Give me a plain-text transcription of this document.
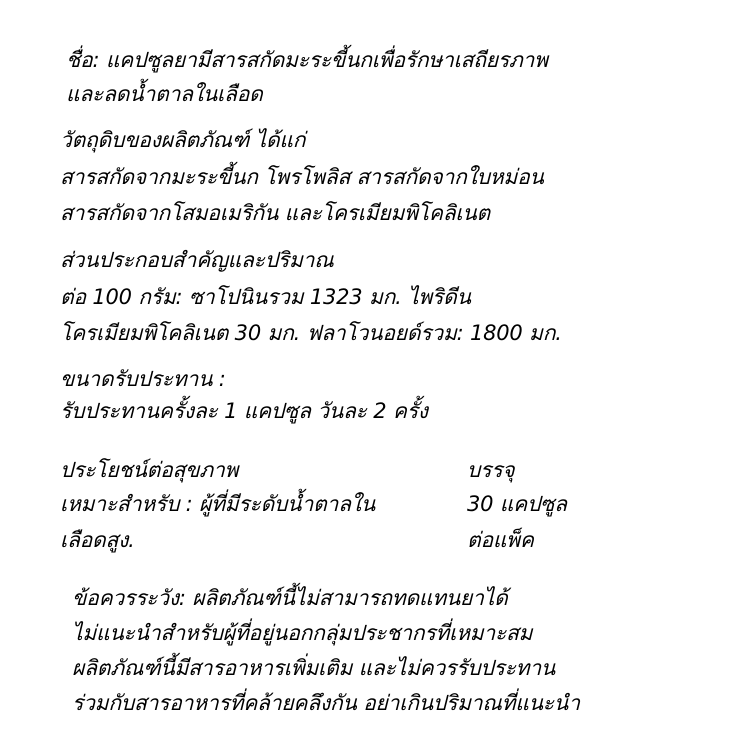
ชื่อ: แคปซูลยามีสารสกัดมะระขี้นกเพื่อรักษาเสถียรภาพ
และลดน้ำตาลในเลือด
วัตถุดิบของผลิตภัณฑ์ ได้แก่
สารสกัดจากมะระขี้นก โพรโพลิส สารสกัดจากใบหม่อน
สารสกัดจากโสมอเมริกัน และโครเมียมพิโคลิเนต
ส่วนประกอบสำคัญและปริมาณ
ต่อ 100 กรัม: ซาโปนินรวม 1323 มก. ไพริดีน
โครเมียมพิโคลิเนต 30 มก. ฟลาโวนอยด์รวม: 1800 มก.
ขนาดรับประทาน :
รับประทานครั้งละ 1 แคปซูล วันละ 2 ครั้ง
ประโยชน์ต่อสุขภาพ
เหมาะสำหรับ : ผู้ที่มีระดับน้ำตาลใน
เลือดสูง.
บรรจุ
30 แคปซูล
ต่อแพ็ค
ข้อควรระวัง: ผลิตภัณฑ์นี้ไม่สามารถทดแทนยาได้
ไม่แนะนำสำหรับผู้ที่อยู่นอกกลุ่มประชากรที่เหมาะสม
ผลิตภัณฑ์นี้มีสารอาหารเพิ่มเติม และไม่ควรรับประทาน
ร่วมกับสารอาหารที่คล้ายคลึงกัน อย่าเกินปริมาณที่แนะนำ
